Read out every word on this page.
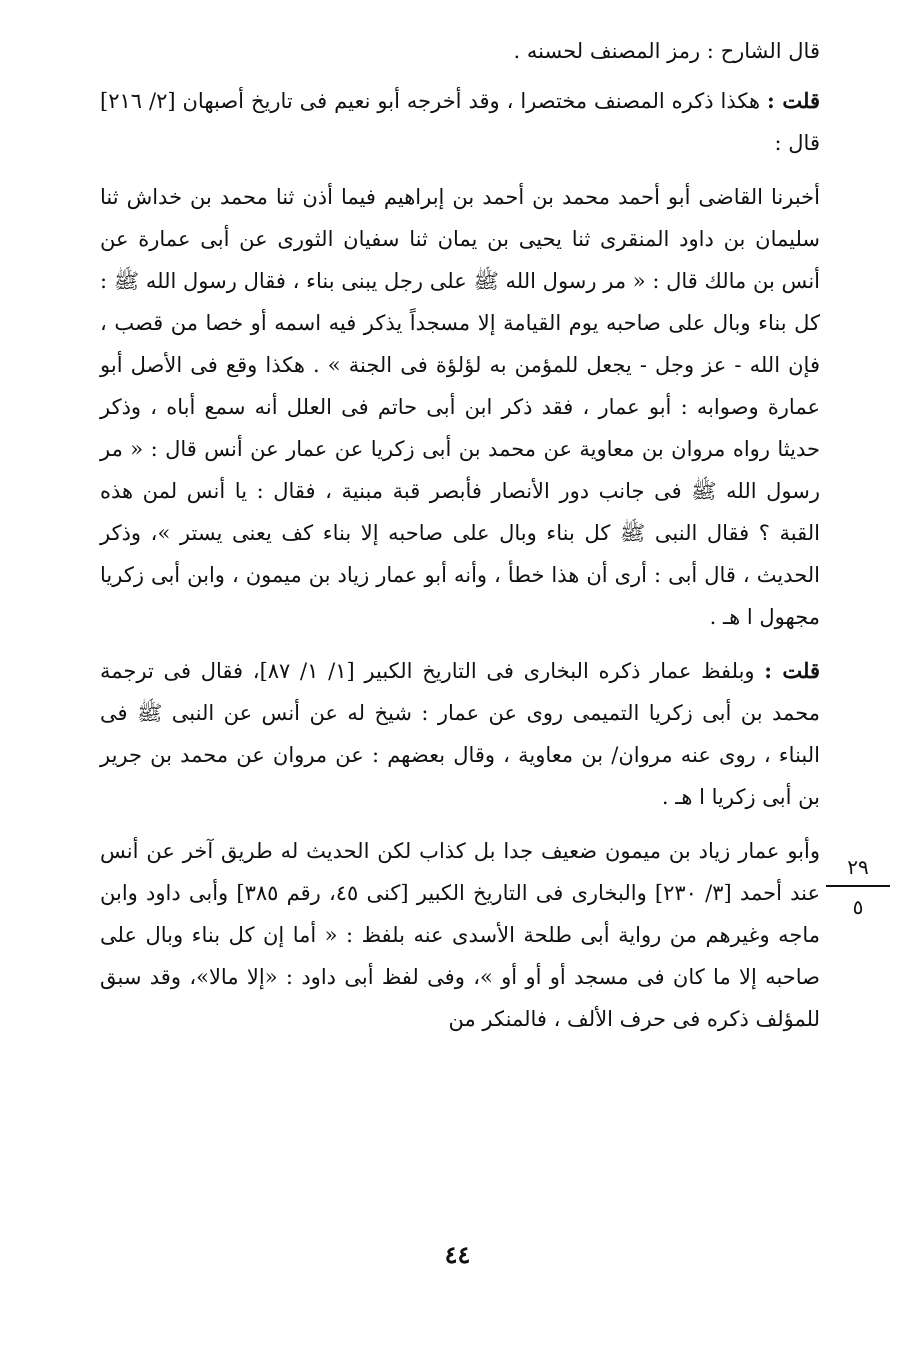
قال الشارح : رمز المصنف لحسنه .

قلت : هكذا ذكره المصنف مختصرا ، وقد أخرجه أبو نعيم فى تاريخ أصبهان [٢/ ٢١٦] قال :

أخبرنا القاضى أبو أحمد محمد بن أحمد بن إبراهيم فيما أذن ثنا محمد بن خداش ثنا سليمان بن داود المنقرى ثنا يحيى بن يمان ثنا سفيان الثورى عن أبى عمارة عن أنس بن مالك قال : « مر رسول الله ﷺ على رجل يبنى بناء ، فقال رسول الله ﷺ : كل بناء وبال على صاحبه يوم القيامة إلا مسجداً يذكر فيه اسمه أو خصا من قصب ، فإن الله - عز وجل - يجعل للمؤمن به لؤلؤة فى الجنة » . هكذا وقع فى الأصل أبو عمارة وصوابه : أبو عمار ، فقد ذكر ابن أبى حاتم فى العلل أنه سمع أباه ، وذكر حديثا رواه مروان بن معاوية عن محمد بن أبى زكريا عن عمار عن أنس قال : « مر رسول الله ﷺ فى جانب دور الأنصار فأبصر قبة مبنية ، فقال : يا أنس لمن هذه القبة ؟ فقال النبى ﷺ كل بناء وبال على صاحبه إلا بناء كف يعنى يستر »، وذكر الحديث ، قال أبى : أرى أن هذا خطأ ، وأنه أبو عمار زياد بن ميمون ، وابن أبى زكريا مجهول ا هـ .

قلت : وبلفظ عمار ذكره البخارى فى التاريخ الكبير [١/ ١/ ٨٧]، فقال فى ترجمة محمد بن أبى زكريا التميمى روى عن عمار : شيخ له عن أنس عن النبى ﷺ فى البناء ، روى عنه مروان/ بن معاوية ، وقال بعضهم : عن مروان عن محمد بن جرير بن أبى زكريا ا هـ .

وأبو عمار زياد بن ميمون ضعيف جدا بل كذاب لكن الحديث له طريق آخر عن أنس عند أحمد [٣/ ٢٣٠] والبخارى فى التاريخ الكبير [كنى ٤٥، رقم ٣٨٥] وأبى داود وابن ماجه وغيرهم من رواية أبى طلحة الأسدى عنه بلفظ : « أما إن كل بناء وبال على صاحبه إلا ما كان فى مسجد أو أو أو »، وفى لفظ أبى داود : «إلا مالا»، وقد سبق للمؤلف ذكره فى حرف الألف ، فالمنكر من

٢٩
٥
٤٤
